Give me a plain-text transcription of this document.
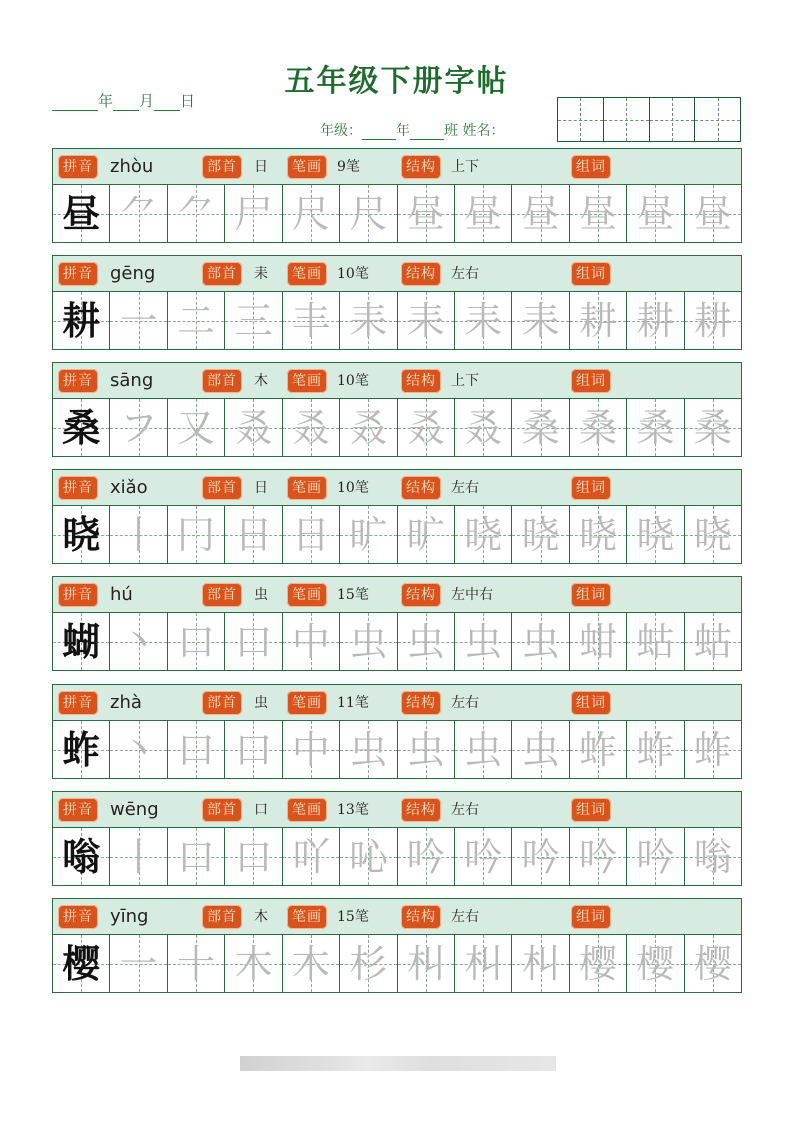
五年级下册字帖
年 月 日
年级： 年 班 姓名：
拼音 zhòu	部首	日	笔画	9笔	结构	上下	组词
昼 ⺈ ⺈ 尸 尺 尺 昼 昼 昼 昼 昼 昼
拼音 gēng	部首	耒	笔画	10笔	结构	左右	组词
耕 一 二 三 丰 耒 耒 耒 耒 耕 耕 耕
拼音 sāng	部首	木	笔画	10笔	结构	上下	组词
桑 フ 又 叒 叒 叒 叒 叒 桑 桑 桑 桑
拼音 xiǎo	部首	日	笔画	10笔	结构	左右	组词
晓 丨 冂 日 日 旷 旷 晓 晓 晓 晓 晓
拼音 hú	部首	虫	笔画	15笔	结构	左中右	组词
蝴 丶 口 口 中 虫 虫 虫 虫 蚶 蛄 蛄
拼音 zhà	部首	虫	笔画	11笔	结构	左右	组词
蚱 丶 口 口 中 虫 虫 虫 虫 蚱 蚱 蚱
拼音 wēng	部首	口	笔画	13笔	结构	左右	组词
嗡 丨 口 口 吖 吣 吟 吟 吟 吟 吟 嗡
拼音 yīng	部首	木	笔画	15笔	结构	左右	组词
樱 一 十 木 木 杉 朻 朻 朻 樱 樱 樱
